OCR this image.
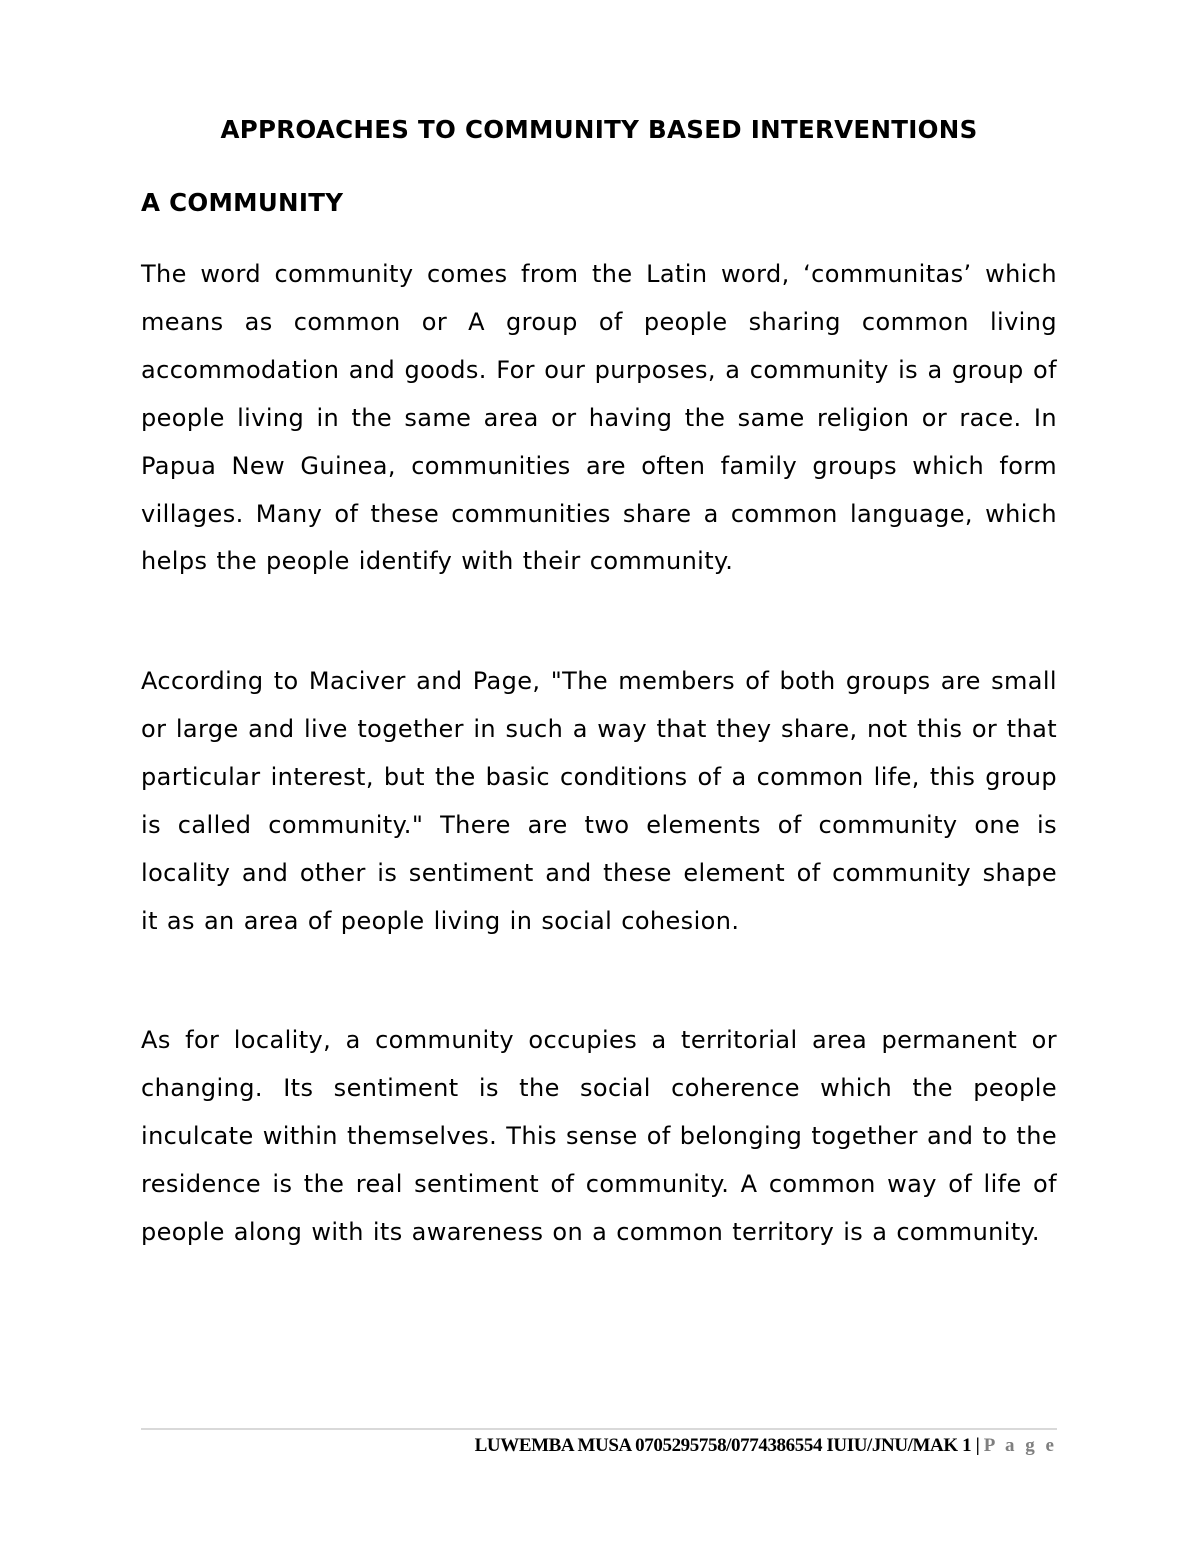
APPROACHES TO COMMUNITY BASED INTERVENTIONS
A COMMUNITY

The word community comes from the Latin word, ‘communitas’ which means as common or A group of people sharing common living accommodation and goods. For our purposes, a community is a group of people living in the same area or having the same religion or race. In Papua New Guinea, communities are often family groups which form villages. Many of these communities share a common language, which helps the people identify with their community.

According to Maciver and Page, "The members of both groups are small or large and live together in such a way that they share, not this or that particular interest, but the basic conditions of a common life, this group is called community." There are two elements of community one is locality and other is sentiment and these element of community shape it as an area of people living in social cohesion.

As for locality, a community occupies a territorial area permanent or changing. Its sentiment is the social coherence which the people inculcate within themselves. This sense of belonging together and to the residence is the real sentiment of community. A common way of life of people along with its awareness on a common territory is a community.

LUWEMBA MUSA 0705295758/0774386554 IUIU/JNU/MAK 1 | P a g e
